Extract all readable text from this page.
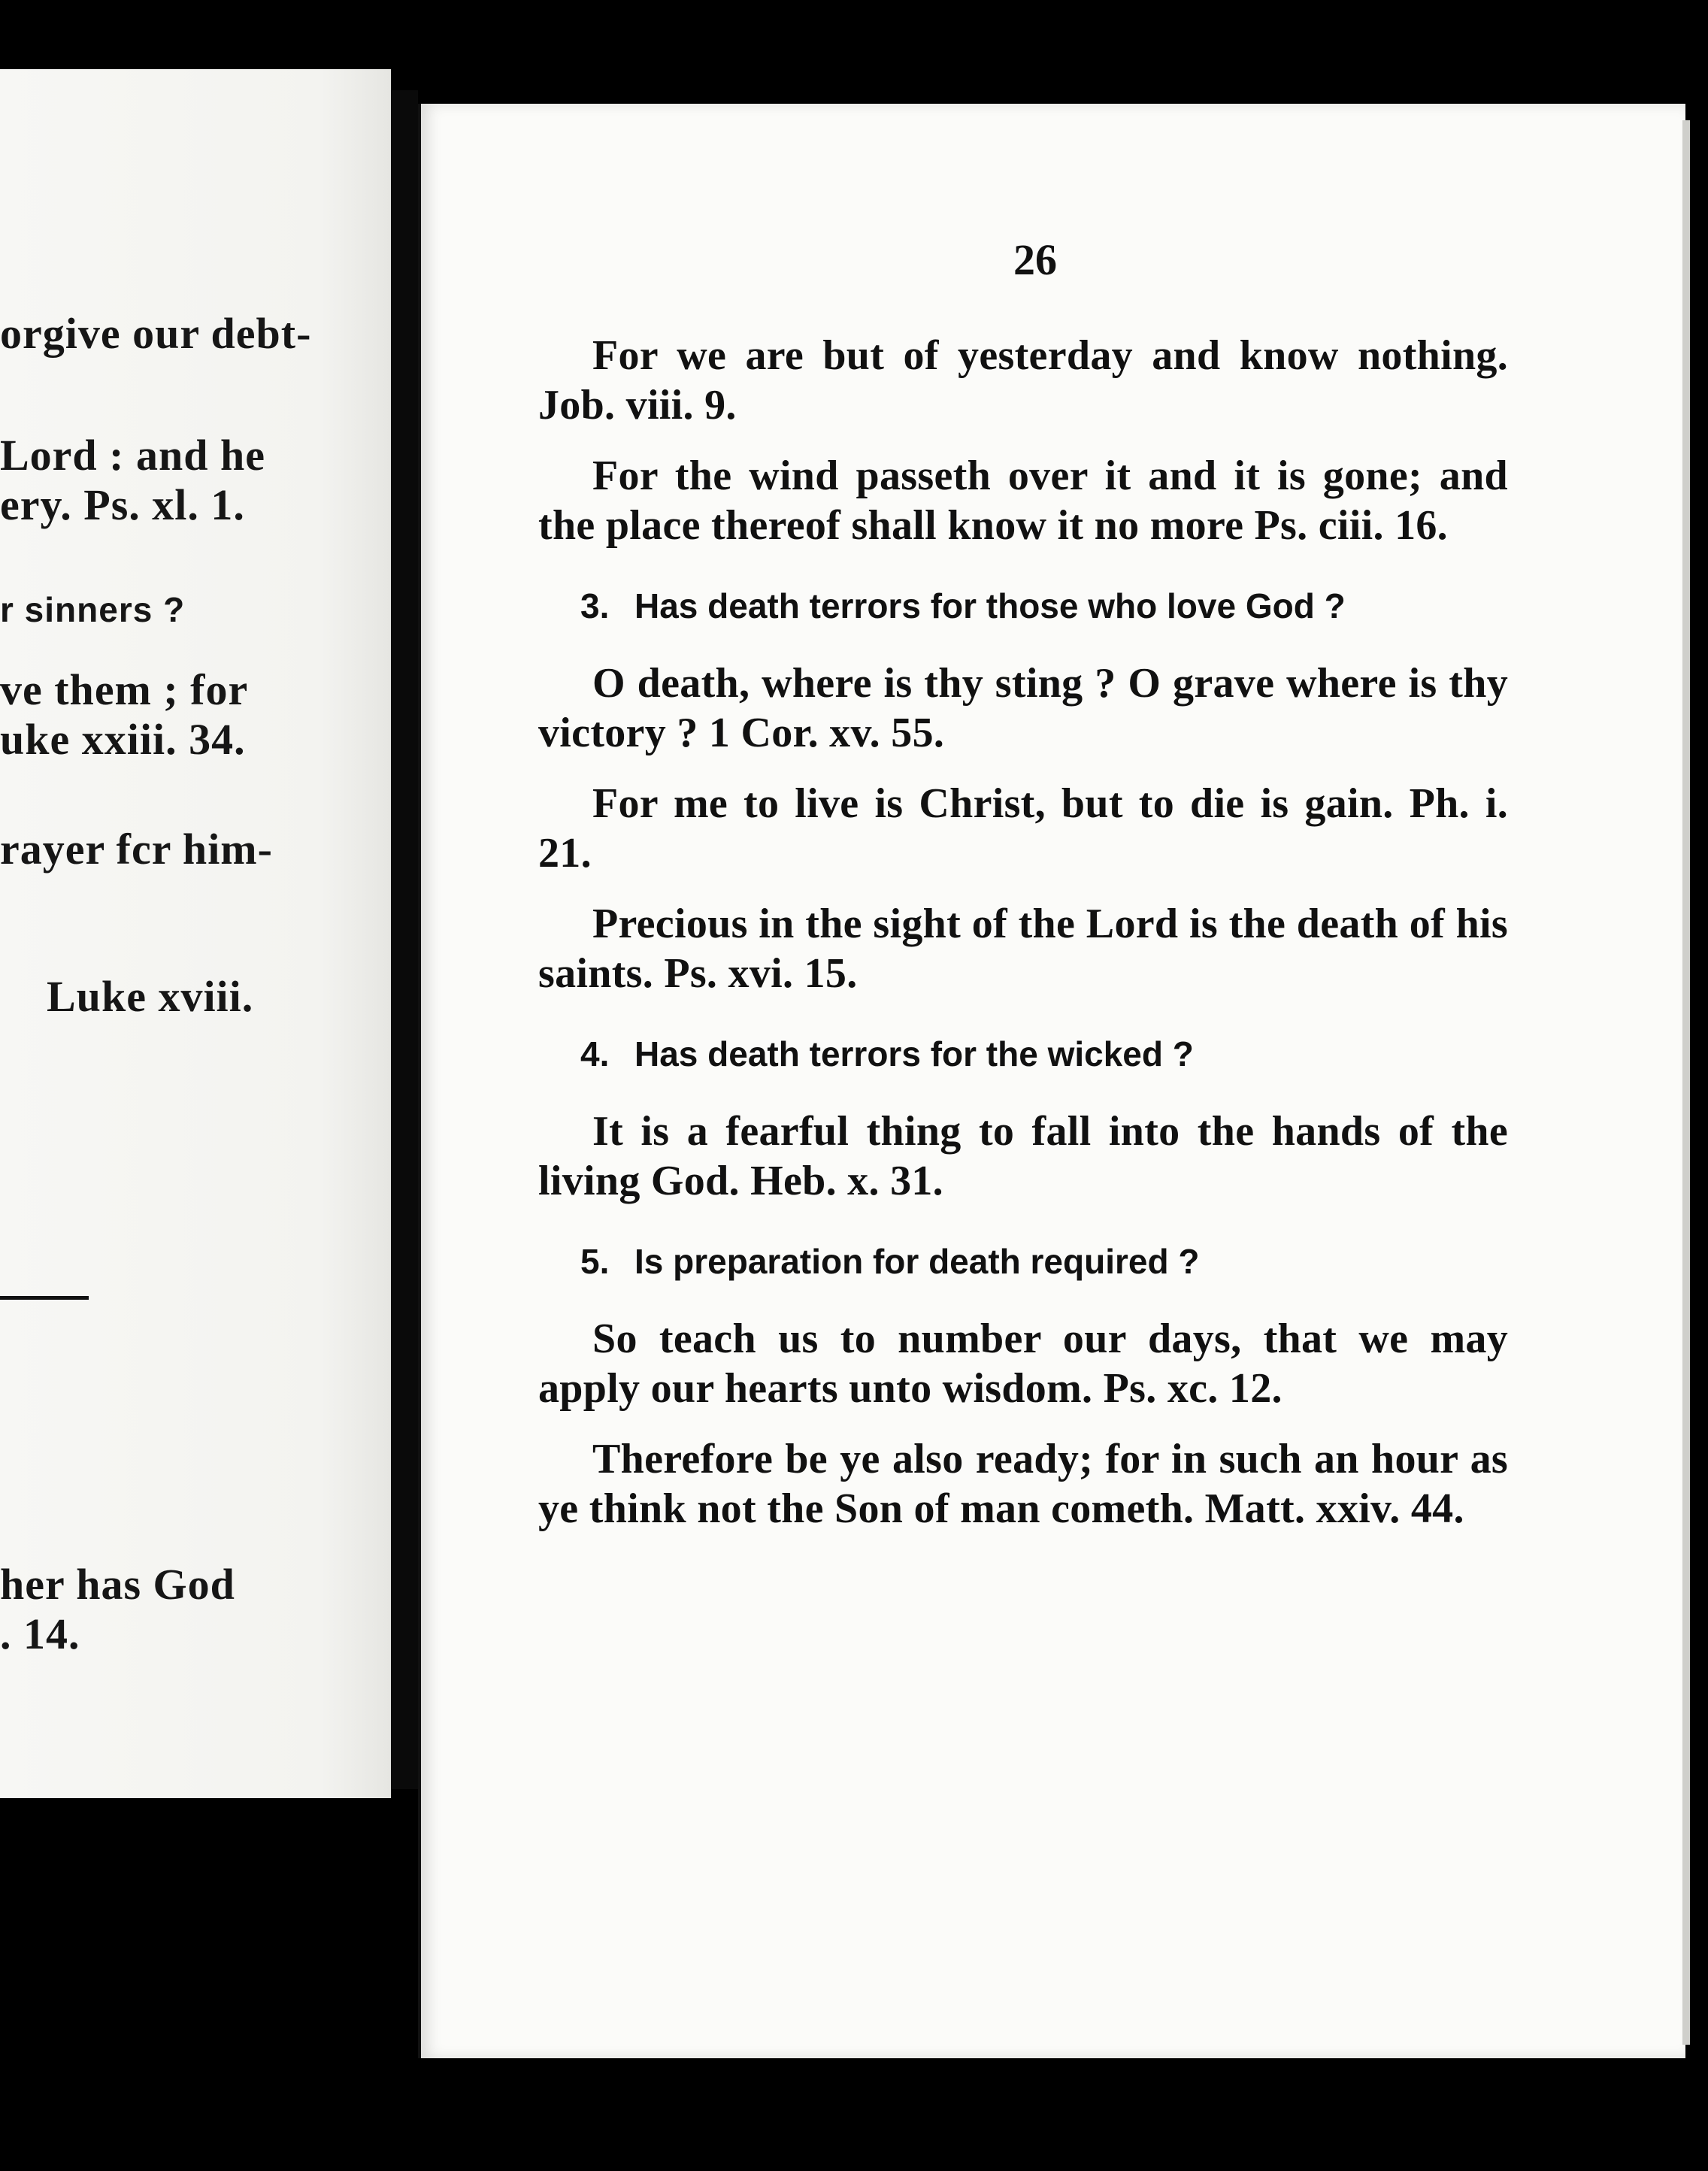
orgive our debt-
Lord : and he
ery. Ps. xl. 1.
r sinners ?
ve them ; for
uke xxiii. 34.
rayer fcr him-
Luke xviii.
her has God
. 14.
26

For we are but of yesterday and know nothing. Job. viii. 9.

For the wind passeth over it and it is gone; and the place thereof shall know it no more Ps. ciii. 16.

3. Has death terrors for those who love God ?

O death, where is thy sting ? O grave where is thy victory ? 1 Cor. xv. 55.

For me to live is Christ, but to die is gain. Ph. i. 21.

Precious in the sight of the Lord is the death of his saints. Ps. xvi. 15.

4. Has death terrors for the wicked ?

It is a fearful thing to fall into the hands of the living God. Heb. x. 31.

5. Is preparation for death required ?

So teach us to number our days, that we may apply our hearts unto wisdom. Ps. xc. 12.

Therefore be ye also ready; for in such an hour as ye think not the Son of man cometh. Matt. xxiv. 44.
